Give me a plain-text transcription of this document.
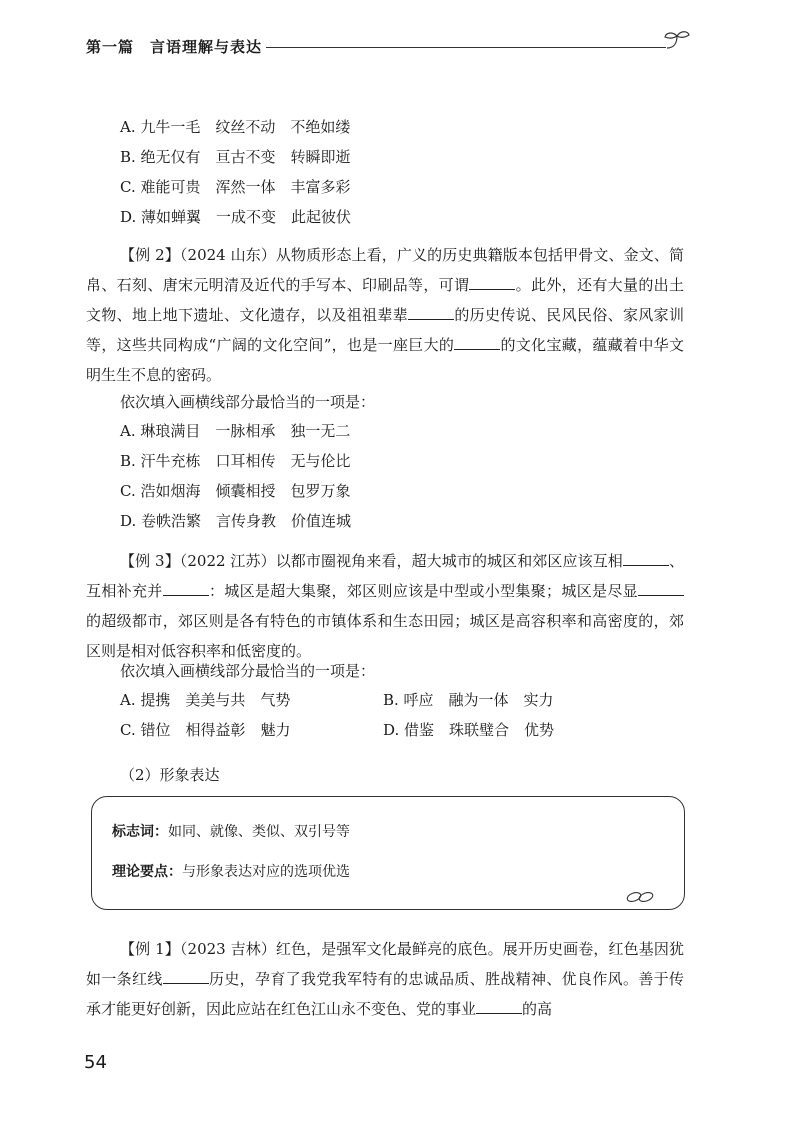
第一篇　言语理解与表达
A. 九牛一毛　纹丝不动　不绝如缕
B. 绝无仅有　亘古不变　转瞬即逝
C. 难能可贵　浑然一体　丰富多彩
D. 薄如蝉翼　一成不变　此起彼伏
【例 2】（2024 山东）从物质形态上看，广义的历史典籍版本包括甲骨文、金文、简帛、石刻、唐宋元明清及近代的手写本、印刷品等，可谓	。此外，还有大量的出土文物、地上地下遗址、文化遗存，以及祖祖辈辈	的历史传说、民风民俗、家风家训等，这些共同构成“广阔的文化空间”，也是一座巨大的	的文化宝藏，蕴藏着中华文明生生不息的密码。
依次填入画横线部分最恰当的一项是：
A. 琳琅满目　一脉相承　独一无二
B. 汗牛充栋　口耳相传　无与伦比
C. 浩如烟海　倾囊相授　包罗万象
D. 卷帙浩繁　言传身教　价值连城
【例 3】（2022 江苏）以都市圈视角来看，超大城市的城区和郊区应该互相	、互相补充并	：城区是超大集聚，郊区则应该是中型或小型集聚；城区是尽显的超级都市，郊区则是各有特色的市镇体系和生态田园；城区是高容积率和高密度的，郊区则是相对低容积率和低密度的。
依次填入画横线部分最恰当的一项是：
A. 提携　美美与共　气势	B. 呼应　融为一体　实力
C. 错位　相得益彰　魅力	D. 借鉴　珠联璧合　优势
（2）形象表达
【例 1】（2023 吉林）红色，是强军文化最鲜亮的底色。展开历史画卷，红色基因犹如一条红线	历史，孕育了我党我军特有的忠诚品质、胜战精神、优良作风。善于传承才能更好创新，因此应站在红色江山永不变色、党的事业	的高
标志词：如同、就像、类似、双引号等
理论要点：与形象表达对应的选项优选
54
